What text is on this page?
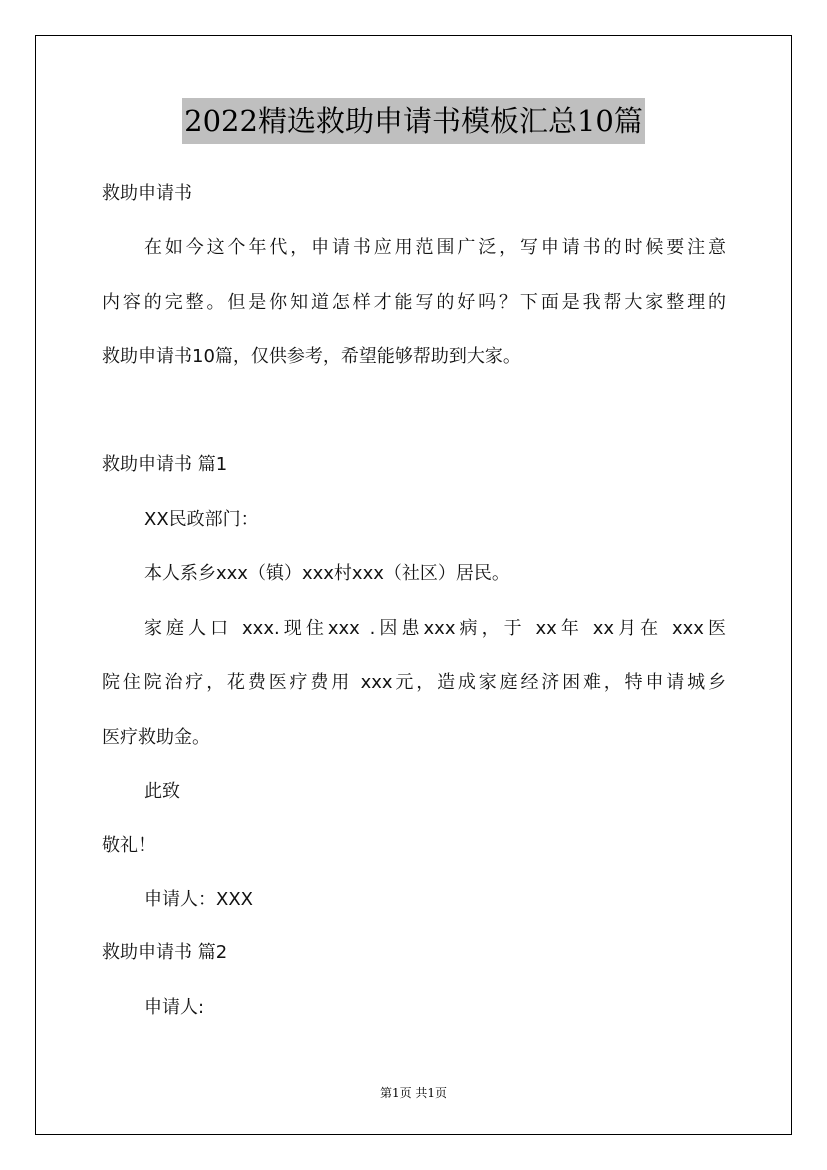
2022精选救助申请书模板汇总10篇
救助申请书
在如今这个年代，申请书应用范围广泛，写申请书的时候要注意
内容的完整。但是你知道怎样才能写的好吗？下面是我帮大家整理的
救助申请书10篇，仅供参考，希望能够帮助到大家。
救助申请书 篇1
XX民政部门：
本人系乡xxx（镇）xxx村xxx（社区）居民。
家庭人口 xxx.现住xxx .因患xxx病，于 xx年 xx月在 xxx医
院住院治疗，花费医疗费用 xxx元，造成家庭经济困难，特申请城乡
医疗救助金。
此致
敬礼！
申请人：XXX
救助申请书 篇2
申请人:
第1页 共1页
